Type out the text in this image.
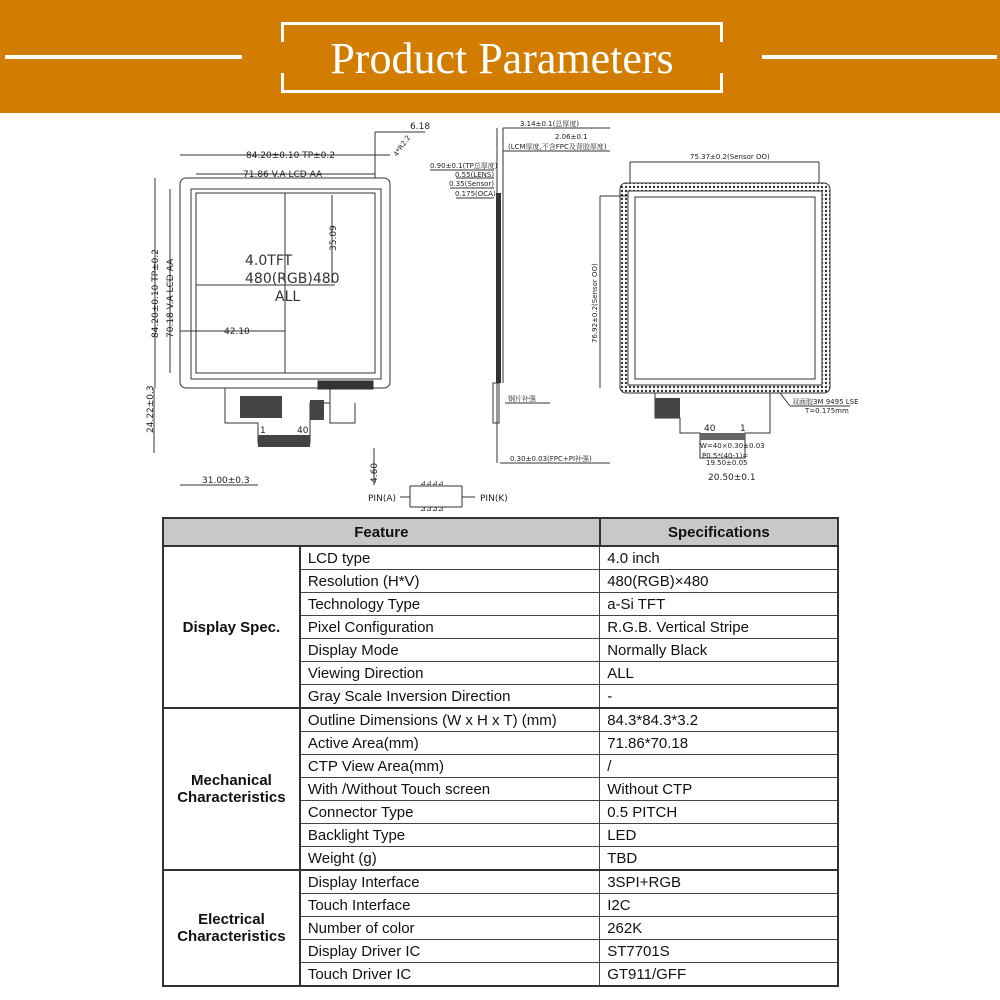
Product Parameters
84.20±0.10 TP±0.2
71.86 V.A LCD AA
6.18
4*R2.2
84.20±0.10 TP±0.2 70.18 V.A LCD AA
35.09
42.10
4.0TFT
480(RGB)480
ALL
24.22±0.3
31.00±0.3
1	40
4.60
3.14±0.1(总厚度)
2.06±0.1
(LCM厚度,不含FPC及背胶厚度)
0.90±0.1(TP总厚度)
0.55(LENS)
0.35(Sensor)
0.175(OCA)
钢片补强
0.30±0.03(FPC+PI补强)
⊿⊿⊿⊿
⊿⊿⊿⊿
PIN(A)	PIN(K)
75.37±0.2(Sensor OO)
76.92±0.2(Sensor OO)
双面胶3M 9495 LSE
T=0.175mm
40	1
W=40×0.30±0.03
P0.5*(40-1)=
19.50±0.05
20.50±0.1
Feature		Specifications
Display Spec.	LCD type	4.0 inch
	Resolution (H*V)	480(RGB)×480
	Technology Type	a-Si TFT
	Pixel Configuration	R.G.B. Vertical Stripe
	Display Mode	Normally Black
	Viewing Direction	ALL
	Gray Scale Inversion Direction	-
Mechanical
Characteristics	Outline Dimensions (W x H x T) (mm)	84.3*84.3*3.2
	Active Area(mm)	71.86*70.18
	CTP View Area(mm)	/
	With /Without Touch screen	Without CTP
	Connector Type	0.5 PITCH
	Backlight Type	LED
	Weight (g)	TBD
Electrical
Characteristics	Display Interface	3SPI+RGB
	Touch Interface	I2C
	Number of color	262K
	Display Driver IC	ST7701S
	Touch Driver IC	GT911/GFF
